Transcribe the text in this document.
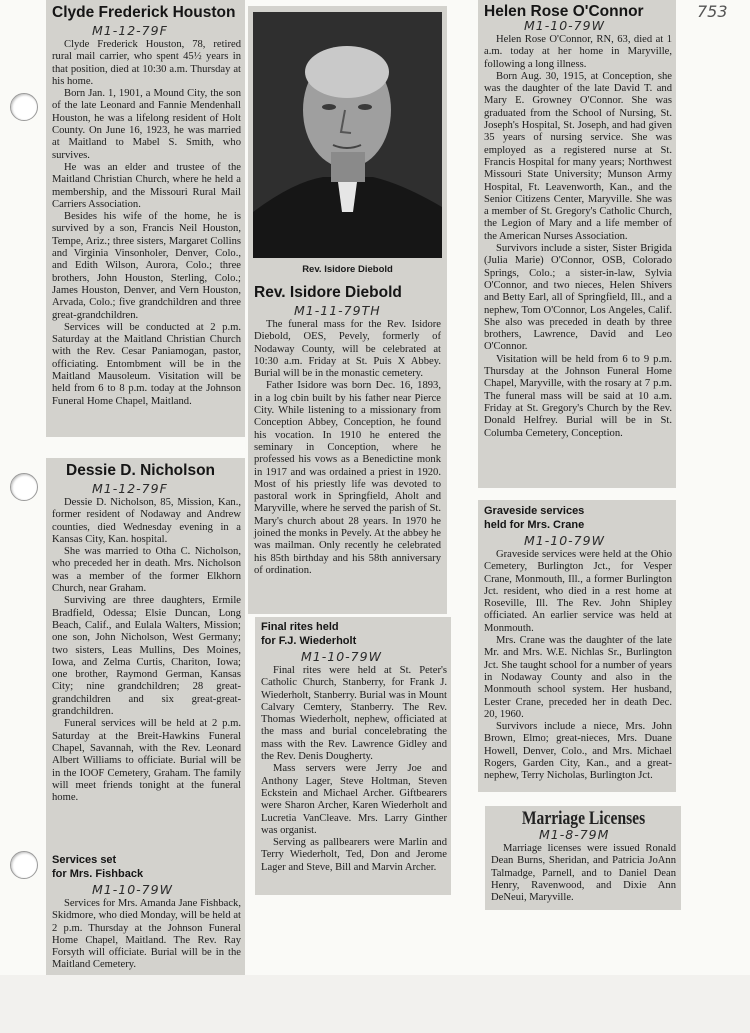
753
Clyde Frederick Houston
M1-12-79F

Clyde Frederick Houston, 78, retired rural mail carrier, who spent 45½ years in that position, died at 10:30 a.m. Thursday at his home.

Born Jan. 1, 1901, a Mound City, the son of the late Leonard and Fannie Mendenhall Houston, he was a lifelong resident of Holt County. On June 16, 1923, he was married at Maitland to Mabel S. Smith, who survives.

He was an elder and trustee of the Maitland Christian Church, where he held a membership, and the Missouri Rural Mail Carriers Association.

Besides his wife of the home, he is survived by a son, Francis Neil Houston, Tempe, Ariz.; three sisters, Margaret Collins and Virginia Vinsonholer, Denver, Colo., and Edith Wilson, Aurora, Colo.; three brothers, John Houston, Sterling, Colo.; James Houston, Denver, and Vern Houston, Arvada, Colo.; five grandchildren and three great-grandchildren.

Services will be conducted at 2 p.m. Saturday at the Maitland Christian Church with the Rev. Cesar Paniamogan, pastor, officiating. Entombment will be in the Maitland Mausoleum. Visitation will be held from 6 to 8 p.m. today at the Johnson Funeral Home Chapel, Maitland.

Dessie D. Nicholson
M1-12-79F

Dessie D. Nicholson, 85, Mission, Kan., former resident of Nodaway and Andrew counties, died Wednesday evening in a Kansas City, Kan. hospital.

She was married to Otha C. Nicholson, who preceded her in death. Mrs. Nicholson was a member of the former Elkhorn Church, near Graham.

Surviving are three daughters, Ermile Bradfield, Odessa; Elsie Duncan, Long Beach, Calif., and Eulala Walters, Mission; one son, John Nicholson, West Germany; two sisters, Leas Mullins, Des Moines, Iowa, and Zelma Curtis, Chariton, Iowa; one brother, Raymond German, Kansas City; nine grandchildren; 28 great-grandchildren and six great-great-grandchildren.

Funeral services will be held at 2 p.m. Saturday at the Breit-Hawkins Funeral Chapel, Savannah, with the Rev. Leonard Albert Williams to officiate. Burial will be in the IOOF Cemetery, Graham. The family will meet friends tonight at the funeral home.

Services set
for Mrs. Fishback
M1-10-79W

Services for Mrs. Amanda Jane Fishback, Skidmore, who died Monday, will be held at 2 p.m. Thursday at the Johnson Funeral Home Chapel, Maitland. The Rev. Ray Forsyth will officiate. Burial will be in the Maitland Cemetery.

Rev. Isidore Diebold
Rev. Isidore Diebold
M1-11-79TH

The funeral mass for the Rev. Isidore Diebold, OES, Pevely, formerly of Nodaway County, will be celebrated at 10:30 a.m. Friday at St. Puis X Abbey. Burial will be in the monastic cemetery.

Father Isidore was born Dec. 16, 1893, in a log cbin built by his father near Pierce City. While listening to a missionary from Conception Abbey, Conception, he found his vocation. In 1910 he entered the seminary in Conception, where he professed his vows as a Benedictine monk in 1917 and was ordained a priest in 1920. Most of his priestly life was devoted to pastoral work in Springfield, Aholt and Maryville, where he served the parish of St. Mary's church about 28 years. In 1970 he joined the monks in Pevely. At the abbey he was mailman. Only recently he celebrated his 85th birthday and his 58th anniversary of ordination.

Final rites held
for F.J. Wiederholt
M1-10-79W

Final rites were held at St. Peter's Catholic Church, Stanberry, for Frank J. Wiederholt, Stanberry. Burial was in Mount Calvary Cemtery, Stanberry. The Rev. Thomas Wiederholt, nephew, officiated at the mass and burial concelebrating the mass with the Rev. Lawrence Gidley and the Rev. Denis Dougherty.

Mass servers were Jerry Joe and Anthony Lager, Steve Holtman, Steven Eckstein and Michael Archer. Giftbearers were Sharon Archer, Karen Wiederholt and Lucretia VanCleave. Mrs. Larry Ginther was organist.

Serving as pallbearers were Marlin and Terry Wiederholt, Ted, Don and Jerome Lager and Steve, Bill and Marvin Archer.

Helen Rose O'Connor
M1-10-79W

Helen Rose O'Connor, RN, 63, died at 1 a.m. today at her home in Maryville, following a long illness.

Born Aug. 30, 1915, at Conception, she was the daughter of the late David T. and Mary E. Growney O'Connor. She was graduated from the School of Nursing, St. Joseph's Hospital, St. Joseph, and had given 35 years of nursing service. She was employed as a registered nurse at St. Francis Hospital for many years; Northwest Missouri State University; Munson Army Hospital, Ft. Leavenworth, Kan., and the Senior Citizens Center, Maryville. She was a member of St. Gregory's Catholic Church, the Legion of Mary and a life member of the American Nurses Association.

Survivors include a sister, Sister Brigida (Julia Marie) O'Connor, OSB, Colorado Springs, Colo.; a sister-in-law, Sylvia O'Connor, and two nieces, Helen Shivers and Betty Earl, all of Springfield, Ill., and a nephew, Tom O'Connor, Los Angeles, Calif. She also was preceded in death by three brothers, Lawrence, David and Leo O'Connor.

Visitation will be held from 6 to 9 p.m. Thursday at the Johnson Funeral Home Chapel, Maryville, with the rosary at 7 p.m. The funeral mass will be said at 10 a.m. Friday at St. Gregory's Church by the Rev. Donald Helfrey. Burial will be in St. Columba Cemetery, Conception.

Graveside services
held for Mrs. Crane
M1-10-79W

Graveside services were held at the Ohio Cemetery, Burlington Jct., for Vesper Crane, Monmouth, Ill., a former Burlington Jct. resident, who died in a rest home at Roseville, Ill. The Rev. John Shipley officiated. An earlier service was held at Monmouth.

Mrs. Crane was the daughter of the late Mr. and Mrs. W.E. Nichlas Sr., Burlington Jct. She taught school for a number of years in Nodaway County and also in the Monmouth school system. Her husband, Lester Crane, preceded her in death Dec. 20, 1960.

Survivors include a niece, Mrs. John Brown, Elmo; great-nieces, Mrs. Duane Howell, Denver, Colo., and Mrs. Michael Rogers, Garden City, Kan., and a great-nephew, Terry Nicholas, Burlington Jct.

Marriage Licenses
M1-8-79M

Marriage licenses were issued Ronald Dean Burns, Sheridan, and Patricia JoAnn Talmadge, Parnell, and to Daniel Dean Henry, Ravenwood, and Dixie Ann DeNeui, Maryville.
